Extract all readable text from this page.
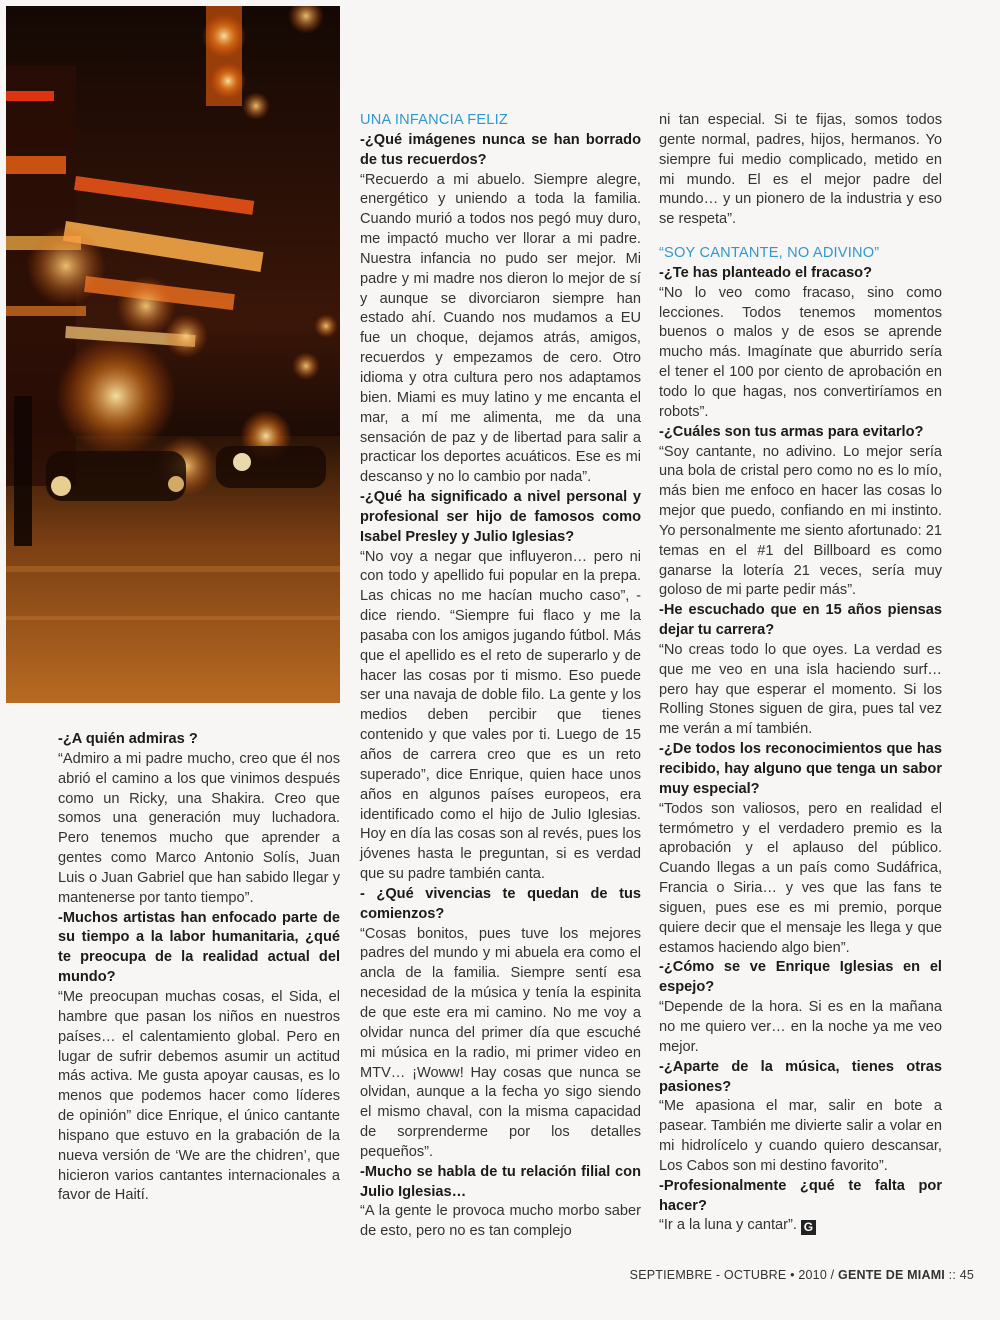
-¿A quién admiras ?
“Admiro a mi padre mucho, creo que él nos abrió el camino a los que vinimos después como un Ricky, una Shakira. Creo que somos una generación muy luchadora. Pero tenemos mucho que aprender a gentes como Marco Antonio Solís, Juan Luis o Juan Gabriel que han sabido llegar y mantenerse por tanto tiempo”.
-Muchos artistas han enfocado parte de su tiempo a la labor humanitaria, ¿qué te preocupa de la realidad actual del mundo?
“Me preocupan muchas cosas, el Sida, el hambre que pasan los niños en nuestros países… el calentamiento global. Pero en lugar de sufrir debemos asumir un actitud más activa. Me gusta apoyar causas, es lo menos que podemos hacer como líderes de opinión” dice Enrique, el único cantante hispano que estuvo en la grabación de la nueva versión de ‘We are the chidren’, que hicieron varios cantantes internacionales a favor de Haití.
UNA INFANCIA FELIZ
-¿Qué imágenes nunca se han borrado de tus recuerdos?
“Recuerdo a mi abuelo. Siempre alegre, energético y uniendo a toda la familia. Cuando murió a todos nos pegó muy duro, me impactó mucho ver llorar a mi padre. Nuestra infancia no pudo ser mejor. Mi padre y mi madre nos dieron lo mejor de sí y aunque se divorciaron siempre han estado ahí. Cuando nos mudamos a EU fue un choque, dejamos atrás, amigos, recuerdos y empezamos de cero. Otro idioma y otra cultura pero nos adaptamos bien. Miami es muy latino y me encanta el mar, a mí me alimenta, me da una sensación de paz y de libertad para salir a practicar los deportes acuáticos. Ese es mi descanso y no lo cambio por nada”.
-¿Qué ha significado a nivel personal y profesional ser hijo de famosos como Isabel Presley y Julio Iglesias?
“No voy a negar que influyeron… pero ni con todo y apellido fui popular en la prepa. Las chicas no me hacían mucho caso”, -dice riendo. “Siempre fui flaco y me la pasaba con los amigos jugando fútbol. Más que el apellido es el reto de superarlo y de hacer las cosas por ti mismo. Eso puede ser una navaja de doble filo. La gente y los medios deben percibir que tienes contenido y que vales por ti. Luego de 15 años de carrera creo que es un reto superado”, dice Enrique, quien hace unos años en algunos países europeos, era identificado como el hijo de Julio Iglesias. Hoy en día las cosas son al revés, pues los jóvenes hasta le preguntan, si es verdad que su padre también canta.
- ¿Qué vivencias te quedan de tus comienzos?
“Cosas bonitos, pues tuve los mejores padres del mundo y mi abuela era como el ancla de la familia. Siempre sentí esa necesidad de la música y tenía la espinita de que este era mi camino. No me voy a olvidar nunca del primer día que escuché mi música en la radio, mi primer video en MTV… ¡Woww! Hay cosas que nunca se olvidan, aunque a la fecha yo sigo siendo el mismo chaval, con la misma capacidad de sorprenderme por los detalles pequeños”.
-Mucho se habla de tu relación filial con Julio Iglesias…
“A la gente le provoca mucho morbo saber de esto, pero no es tan complejo
ni tan especial. Si te fijas, somos todos gente normal, padres, hijos, hermanos. Yo siempre fui medio complicado, metido en mi mundo. El es el mejor padre del mundo… y un pionero de la industria y eso se respeta”.
“SOY CANTANTE, NO ADIVINO”
-¿Te has planteado el fracaso?
“No lo veo como fracaso, sino como lecciones. Todos tenemos momentos buenos o malos y de esos se aprende mucho más. Imagínate que aburrido sería el tener el 100 por ciento de aprobación en todo lo que hagas, nos convertiríamos en robots”.
-¿Cuáles son tus armas para evitarlo?
“Soy cantante, no adivino. Lo mejor sería una bola de cristal pero como no es lo mío, más bien me enfoco en hacer las cosas lo mejor que puedo, confiando en mi instinto. Yo personalmente me siento afortunado: 21 temas en el #1 del Billboard es como ganarse la lotería 21 veces, sería muy goloso de mi parte pedir más”.
-He escuchado que en 15 años piensas dejar tu carrera?
“No creas todo lo que oyes. La verdad es que me veo en una isla haciendo surf… pero hay que esperar el momento. Si los Rolling Stones siguen de gira, pues tal vez me verán a mí también.
-¿De todos los reconocimientos que has recibido, hay alguno que tenga un sabor muy especial?
“Todos son valiosos, pero en realidad el termómetro y el verdadero premio es la aprobación y el aplauso del público. Cuando llegas a un país como Sudáfrica, Francia o Siria… y ves que las fans te siguen, pues ese es mi premio, porque quiere decir que el mensaje les llega y que estamos haciendo algo bien”.
-¿Cómo se ve Enrique Iglesias en el espejo?
“Depende de la hora. Si es en la mañana no me quiero ver… en la noche ya me veo mejor.
-¿Aparte de la música, tienes otras pasiones?
“Me apasiona el mar, salir en bote a pasear. También me divierte salir a volar en mi hidrolícelo y cuando quiero descansar, Los Cabos son mi destino favorito”.
-Profesionalmente ¿qué te falta por hacer?
“Ir a la luna y cantar”. G
SEPTIEMBRE - OCTUBRE • 2010 / GENTE DE MIAMI :: 45
